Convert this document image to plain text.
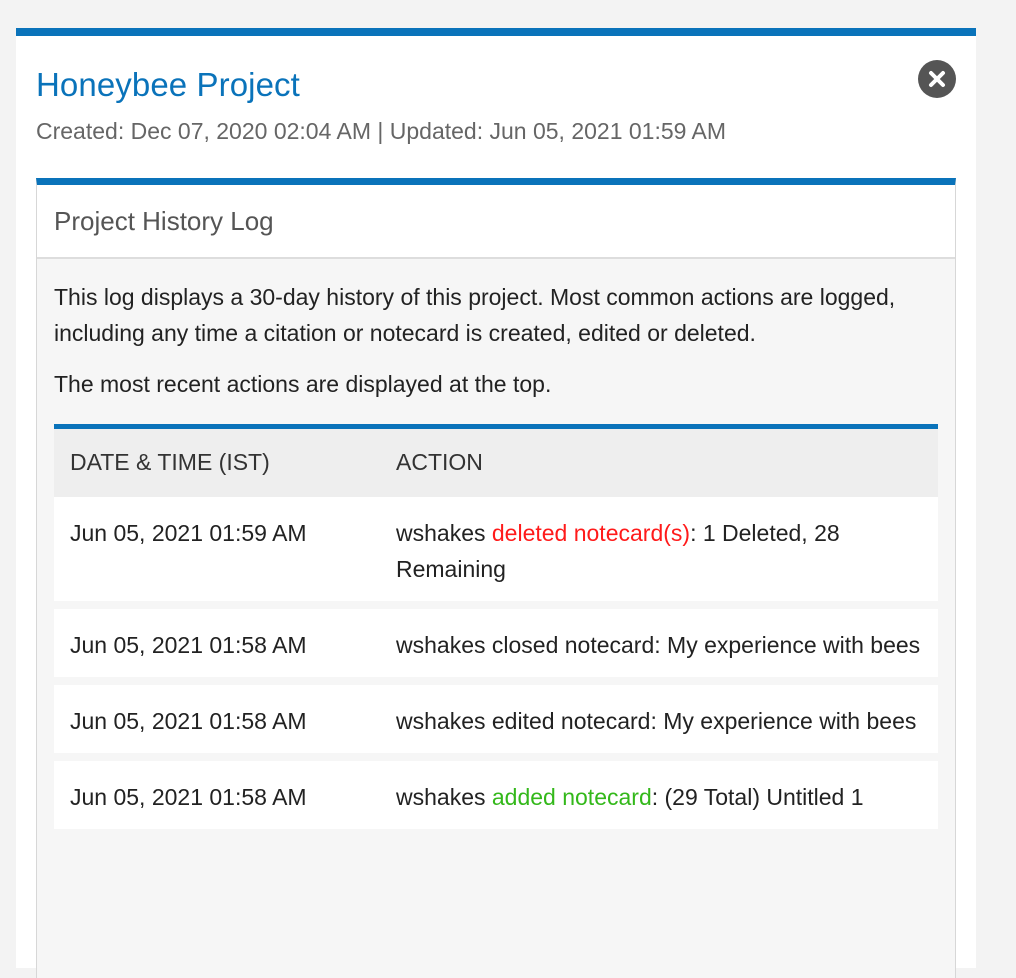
Honeybee Project
Created: Dec 07, 2020 02:04 AM | Updated: Jun 05, 2021 01:59 AM
Project History Log

This log displays a 30-day history of this project. Most common actions are logged, including any time a citation or notecard is created, edited or deleted.

The most recent actions are displayed at the top.

DATE & TIME (IST)	ACTION
Jun 05, 2021 01:59 AM	wshakes deleted notecard(s): 1 Deleted, 28 Remaining
Jun 05, 2021 01:58 AM	wshakes closed notecard: My experience with bees
Jun 05, 2021 01:58 AM	wshakes edited notecard: My experience with bees
Jun 05, 2021 01:58 AM	wshakes added notecard: (29 Total) Untitled 1
